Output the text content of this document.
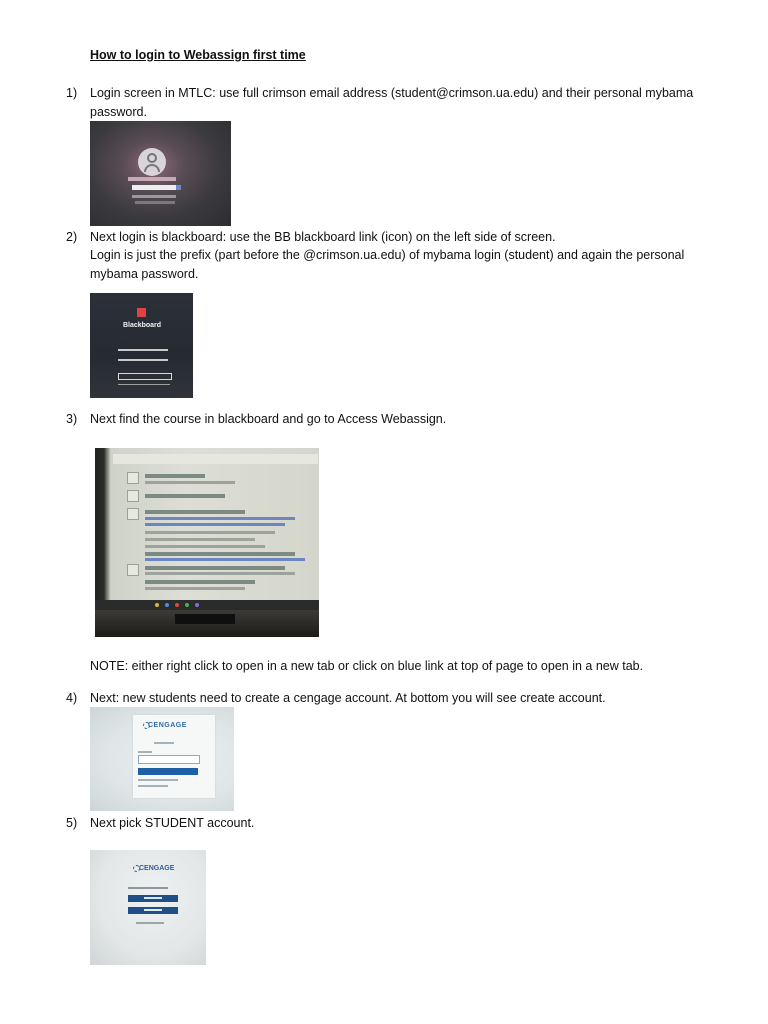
How to login to Webassign first time
1)	Login screen in MTLC: use full crimson email address (student@crimson.ua.edu) and their personal mybama password.
2)	Next login is blackboard: use the BB blackboard link (icon) on the left side of screen.
Login is just the prefix (part before the @crimson.ua.edu) of mybama login (student) and again the personal mybama password.
Blackboard
3)	Next find the course in blackboard and go to Access Webassign.
NOTE: either right click to open in a new tab or click on blue link at top of page to open in a new tab.
4)	Next: new students need to create a cengage account. At bottom you will see create account.
CENGAGE
5)	Next pick STUDENT account.
CENGAGE
